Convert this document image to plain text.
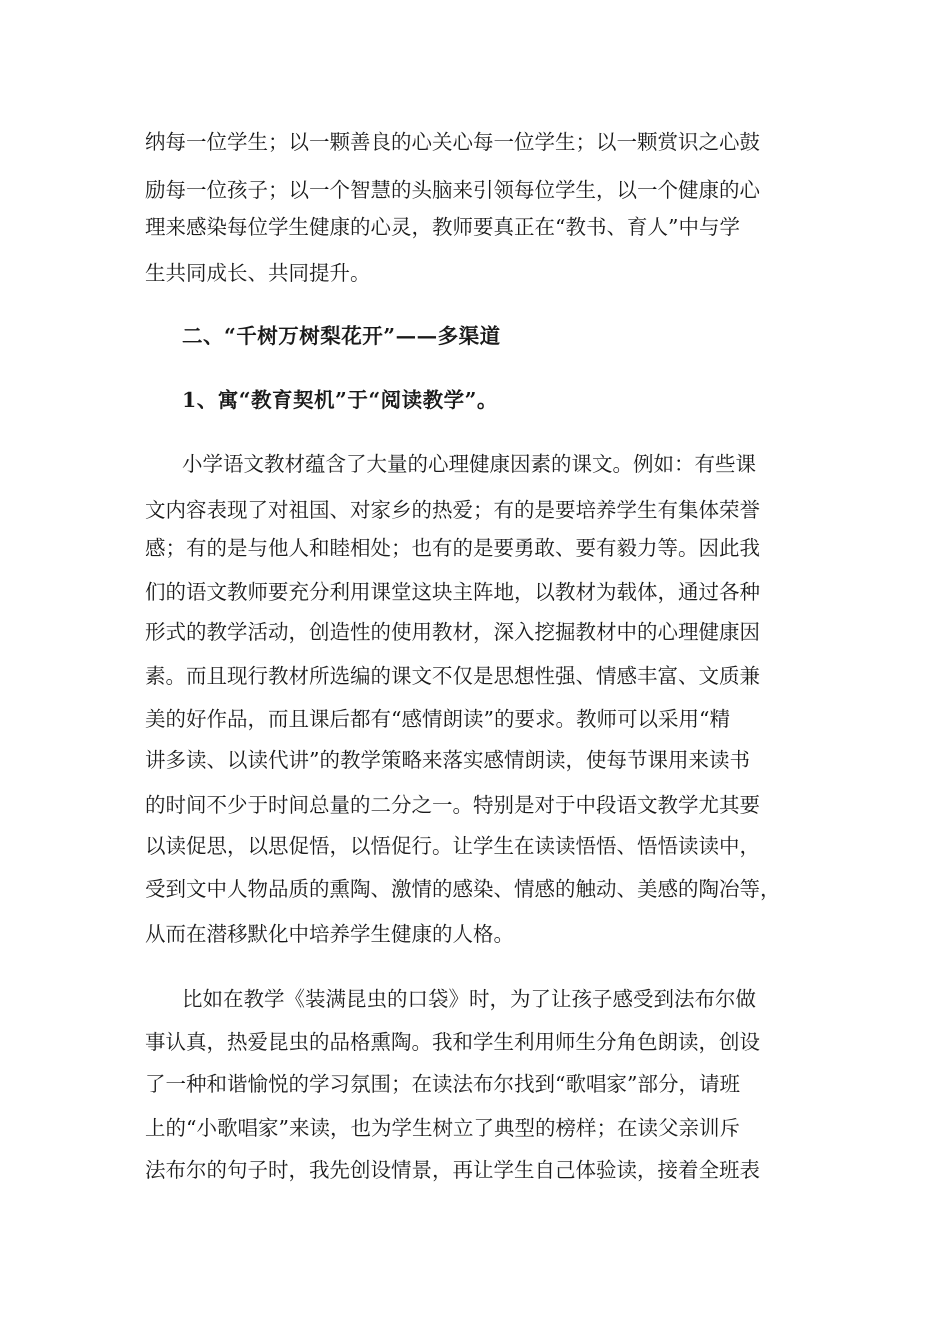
纳每一位学生；以一颗善良的心关心每一位学生；以一颗赏识之心鼓
励每一位孩子；以一个智慧的头脑来引领每位学生，以一个健康的心
理来感染每位学生健康的心灵，教师要真正在“教书、育人”中与学
生共同成长、共同提升。
二、“千树万树梨花开”——多渠道
1、寓“教育契机”于“阅读教学”。
小学语文教材蕴含了大量的心理健康因素的课文。例如：有些课
文内容表现了对祖国、对家乡的热爱；有的是要培养学生有集体荣誉
感；有的是与他人和睦相处；也有的是要勇敢、要有毅力等。因此我
们的语文教师要充分利用课堂这块主阵地，以教材为载体，通过各种
形式的教学活动，创造性的使用教材，深入挖掘教材中的心理健康因
素。而且现行教材所选编的课文不仅是思想性强、情感丰富、文质兼
美的好作品，而且课后都有“感情朗读”的要求。教师可以采用“精
讲多读、以读代讲”的教学策略来落实感情朗读，使每节课用来读书
的时间不少于时间总量的二分之一。特别是对于中段语文教学尤其要
以读促思，以思促悟，以悟促行。让学生在读读悟悟、悟悟读读中，
受到文中人物品质的熏陶、激情的感染、情感的触动、美感的陶冶等，
从而在潜移默化中培养学生健康的人格。
比如在教学《装满昆虫的口袋》时，为了让孩子感受到法布尔做
事认真，热爱昆虫的品格熏陶。我和学生利用师生分角色朗读，创设
了一种和谐愉悦的学习氛围；在读法布尔找到“歌唱家”部分，请班
上的“小歌唱家”来读，也为学生树立了典型的榜样；在读父亲训斥
法布尔的句子时，我先创设情景，再让学生自己体验读，接着全班表
